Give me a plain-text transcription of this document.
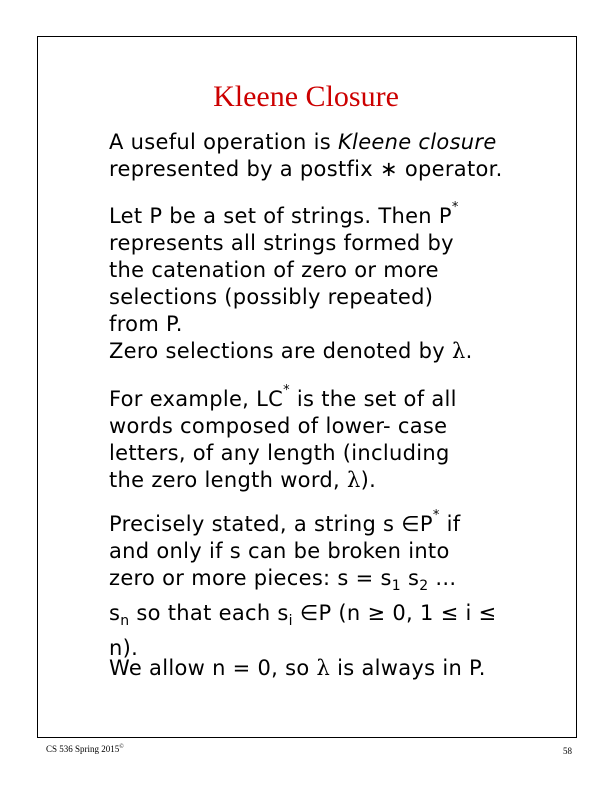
Kleene Closure

A useful operation is Kleene closure
represented by a postfix ∗ operator.

Let P be a set of strings. Then P*
represents all strings formed by
the catenation of zero or more
selections (possibly repeated)
from P.

Zero selections are denoted by λ.

For example, LC* is the set of all
words composed of lower- case
letters, of any length (including
the zero length word, λ).

Precisely stated, a string s ∈P* if
and only if s can be broken into
zero or more pieces: $s = s_1$ $s_2$ ...
$s_n$ so that each $s_i$ ∈P (n ≥ 0, 1 ≤ i ≤
n).

We allow n = 0, so λ is always in P.

CS 536 Spring 2015©	58
